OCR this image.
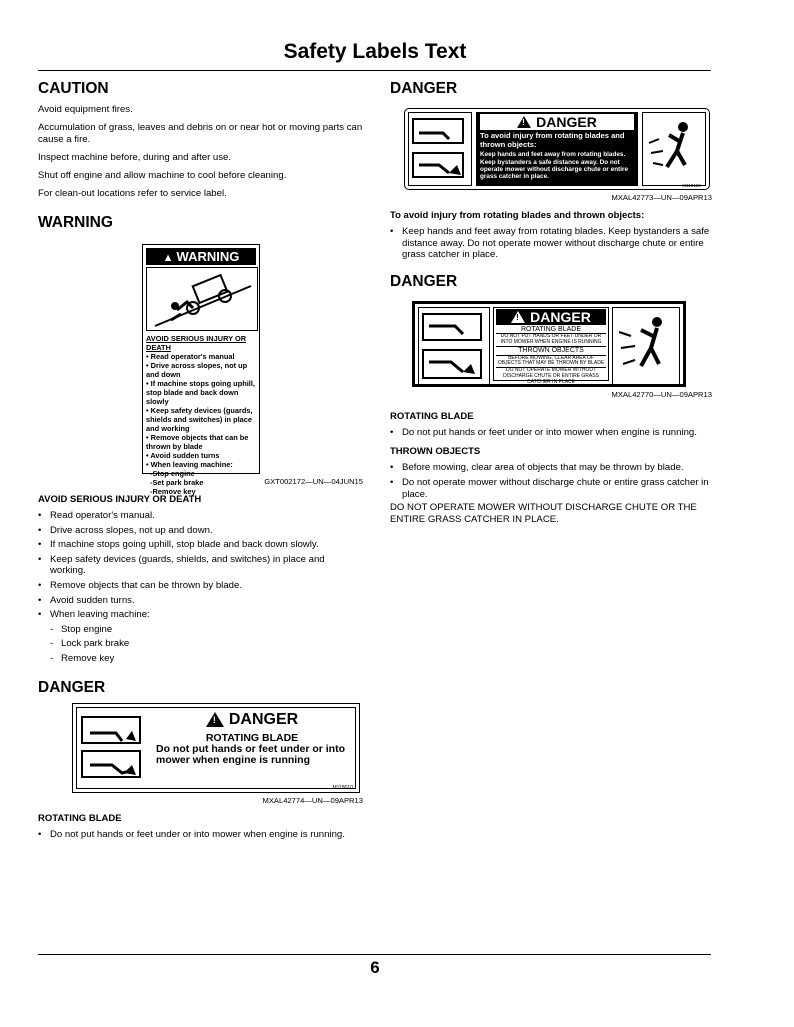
Safety Labels Text
CAUTION

Avoid equipment fires.

Accumulation of grass, leaves and debris on or near hot or moving parts can cause a fire.

Inspect machine before, during and after use.

Shut off engine and allow machine to cool before cleaning.

For clean-out locations refer to service label.

WARNING
▲ WARNING
AVOID SERIOUS INJURY OR DEATH
• Read operator's manual
• Drive across slopes, not up and down
• If machine stops going uphill, stop blade and back down slowly
• Keep safety devices (guards, shields and switches) in place and working
• Remove objects that can be thrown by blade
• Avoid sudden turns
• When leaving machine:
-Stop engine
-Set park brake
-Remove key
GXT002172—UN—04JUN15
AVOID SERIOUS INJURY OR DEATH
• Read operator's manual.
• Drive across slopes, not up and down.
• If machine stops going uphill, stop blade and back down slowly.
• Keep safety devices (guards, shields, and switches) in place and working.
• Remove objects that can be thrown by blade.
• Avoid sudden turns.
• When leaving machine:
- Stop engine
- Lock park brake
- Remove key
DANGER
! DANGER
ROTATING BLADE
Do not put hands or feet under or into mower when engine is running
M118010
MXAL42774—UN—09APR13
ROTATING BLADE
• Do not put hands or feet under or into mower when engine is running.
DANGER
! DANGER
To avoid injury from rotating blades and thrown objects:
Keep hands and feet away from rotating blades. Keep bystanders a safe distance away. Do not operate mower without discharge chute or entire grass catcher in place.
M118128
MXAL42773—UN—09APR13
To avoid injury from rotating blades and thrown objects:
• Keep hands and feet away from rotating blades. Keep bystanders a safe distance away. Do not operate mower without discharge chute or entire grass catcher in place.
DANGER
! DANGER
ROTATING BLADE
DO NOT PUT HANDS OR FEET UNDER OR INTO MOWER WHEN ENGINE IS RUNNING
THROWN OBJECTS
BEFORE MOWING, CLEAR AREA OF OBJECTS THAT MAY BE THROWN BY BLADE
DO NOT OPERATE MOWER WITHOUT DISCHARGE CHUTE OR ENTIRE GRASS CATCHER IN PLACE
MXAL42770—UN—09APR13
ROTATING BLADE
• Do not put hands or feet under or into mower when engine is running.
THROWN OBJECTS
• Before mowing, clear area of objects that may be thrown by blade.
• Do not operate mower without discharge chute or entire grass catcher in place.

DO NOT OPERATE MOWER WITHOUT DISCHARGE CHUTE OR THE ENTIRE GRASS CATCHER IN PLACE.

6
